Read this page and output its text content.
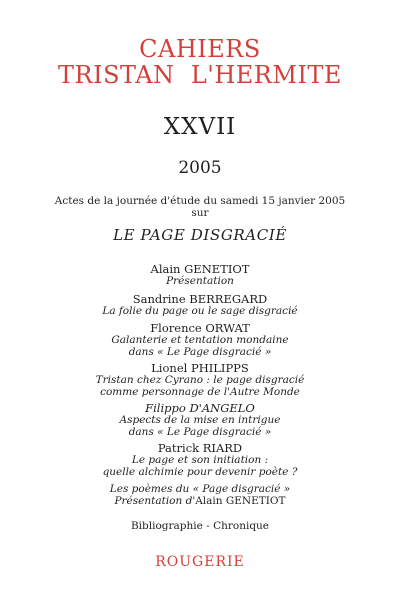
CAHIERS
TRISTAN  L'HERMITE
XXVII
2005
Actes de la journée d'étude du samedi 15 janvier 2005
sur
LE PAGE DISGRACIÉ
Alain GENETIOT
Présentation
Sandrine BERREGARD
La folie du page ou le sage disgracié
Florence ORWAT
Galanterie et tentation mondaine
dans « Le Page disgracié »
Lionel PHILIPPS
Tristan chez Cyrano : le page disgracié
comme personnage de l'Autre Monde
Filippo D'ANGELO
Aspects de la mise en intrigue
dans « Le Page disgracié »
Patrick RIARD
Le page et son initiation :
quelle alchimie pour devenir poète ?
Les poèmes du « Page disgracié »
Présentation d'Alain GENETIOT
Bibliographie - Chronique
ROUGERIE
